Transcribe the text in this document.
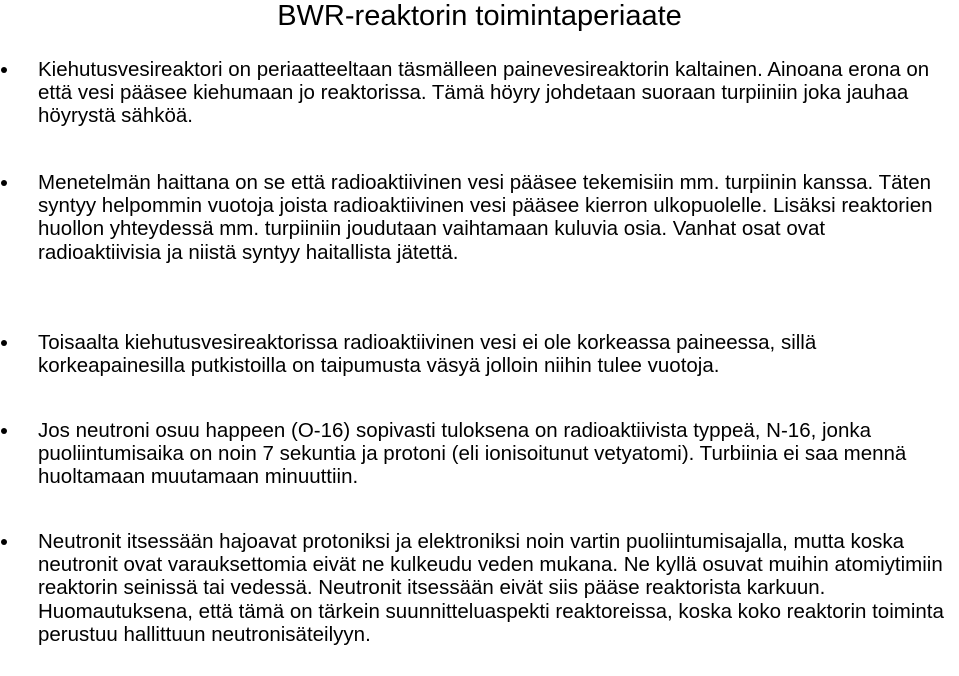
BWR-reaktorin toimintaperiaate

Kiehutusvesireaktori on periaatteeltaan täsmälleen painevesireaktorin kaltainen. Ainoana erona on että vesi pääsee kiehumaan jo reaktorissa. Tämä höyry johdetaan suoraan turpiiniin joka jauhaa höyrystä sähköä.

Menetelmän haittana on se että radioaktiivinen vesi pääsee tekemisiin mm. turpiinin kanssa. Täten syntyy helpommin vuotoja joista radioaktiivinen vesi pääsee kierron ulkopuolelle. Lisäksi reaktorien huollon yhteydessä mm. turpiiniin joudutaan vaihtamaan kuluvia osia. Vanhat osat ovat radioaktiivisia ja niistä syntyy haitallista jätettä.

Toisaalta kiehutusvesireaktorissa radioaktiivinen vesi ei ole korkeassa paineessa, sillä korkeapainesilla putkistoilla on taipumusta väsyä jolloin niihin tulee vuotoja.

Jos neutroni osuu happeen (O-16) sopivasti tuloksena on radioaktiivista typpeä, N-16, jonka puoliintumisaika on noin 7 sekuntia ja protoni (eli ionisoitunut vetyatomi). Turbiinia ei saa mennä huoltamaan muutamaan minuuttiin.

Neutronit itsessään hajoavat protoniksi ja elektroniksi noin vartin puoliintumisajalla, mutta koska neutronit ovat varauksettomia eivät ne kulkeudu veden mukana. Ne kyllä osuvat muihin atomiytimiin reaktorin seinissä tai vedessä. Neutronit itsessään eivät siis pääse reaktorista karkuun. Huomautuksena, että tämä on tärkein suunnitteluaspekti reaktoreissa, koska koko reaktorin toiminta perustuu hallittuun neutronisäteilyyn.
